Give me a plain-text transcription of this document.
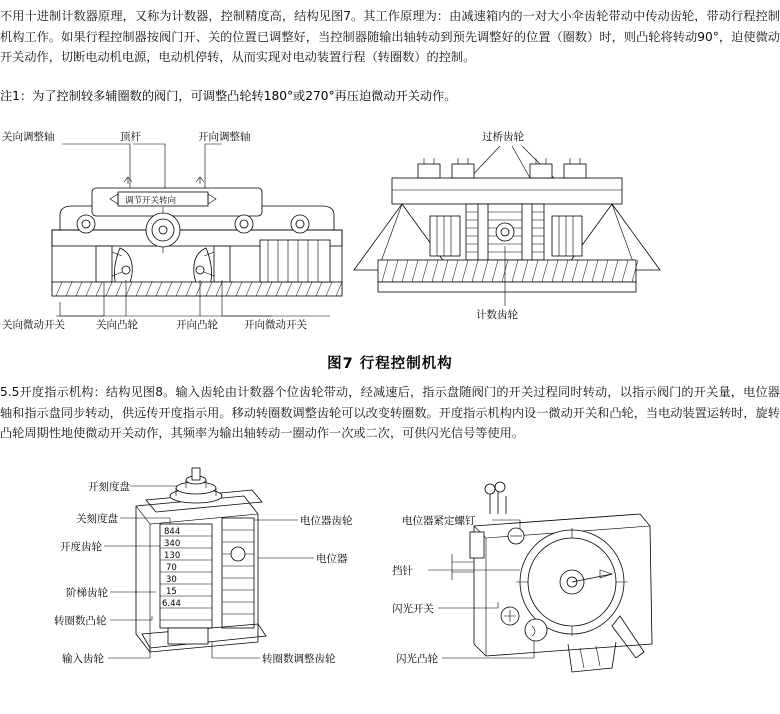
不用十进制计数器原理，又称为计数器，控制精度高，结构见图7。其工作原理为：由减速箱内的一对大小伞齿轮带动中传动齿轮，带动行程控制机构工作。如果行程控制器按阀门开、关的位置已调整好，当控制器随输出轴转动到预先调整好的位置（圈数）时，则凸轮将转动90°，迫使微动开关动作，切断电动机电源，电动机停转，从而实现对电动装置行程（转圈数）的控制。
注1：为了控制较多辅圈数的阀门，可调整凸轮转180°或270°再压迫微动开关动作。
关向调整轴	顶杆	开向调整轴
调节开关转向
关向微动开关	关向凸轮	开向凸轮 开向微动开关
过桥齿轮
计数齿轮
图7 行程控制机构
5.5开度指示机构：结构见图8。输入齿轮由计数器个位齿轮带动，经减速后，指示盘随阀门的开关过程同时转动，以指示阀门的开关量，电位器轴和指示盘同步转动，供远传开度指示用。移动转圈数调整齿轮可以改变转圈数。开度指示机构内设一微动开关和凸轮，当电动装置运转时，旋转凸轮周期性地使微动开关动作，其频率为输出轴转动一圈动作一次或二次，可供闪光信号等使用。
开刻度盘
关刻度盘
开度齿轮
阶梯齿轮
转圈数凸轮
输入齿轮
电位器齿轮
电位器
转圈数调整齿轮
844
340
130
70
30
15
6.44
电位器紧定螺钉
挡针
闪光开关
闪光凸轮
